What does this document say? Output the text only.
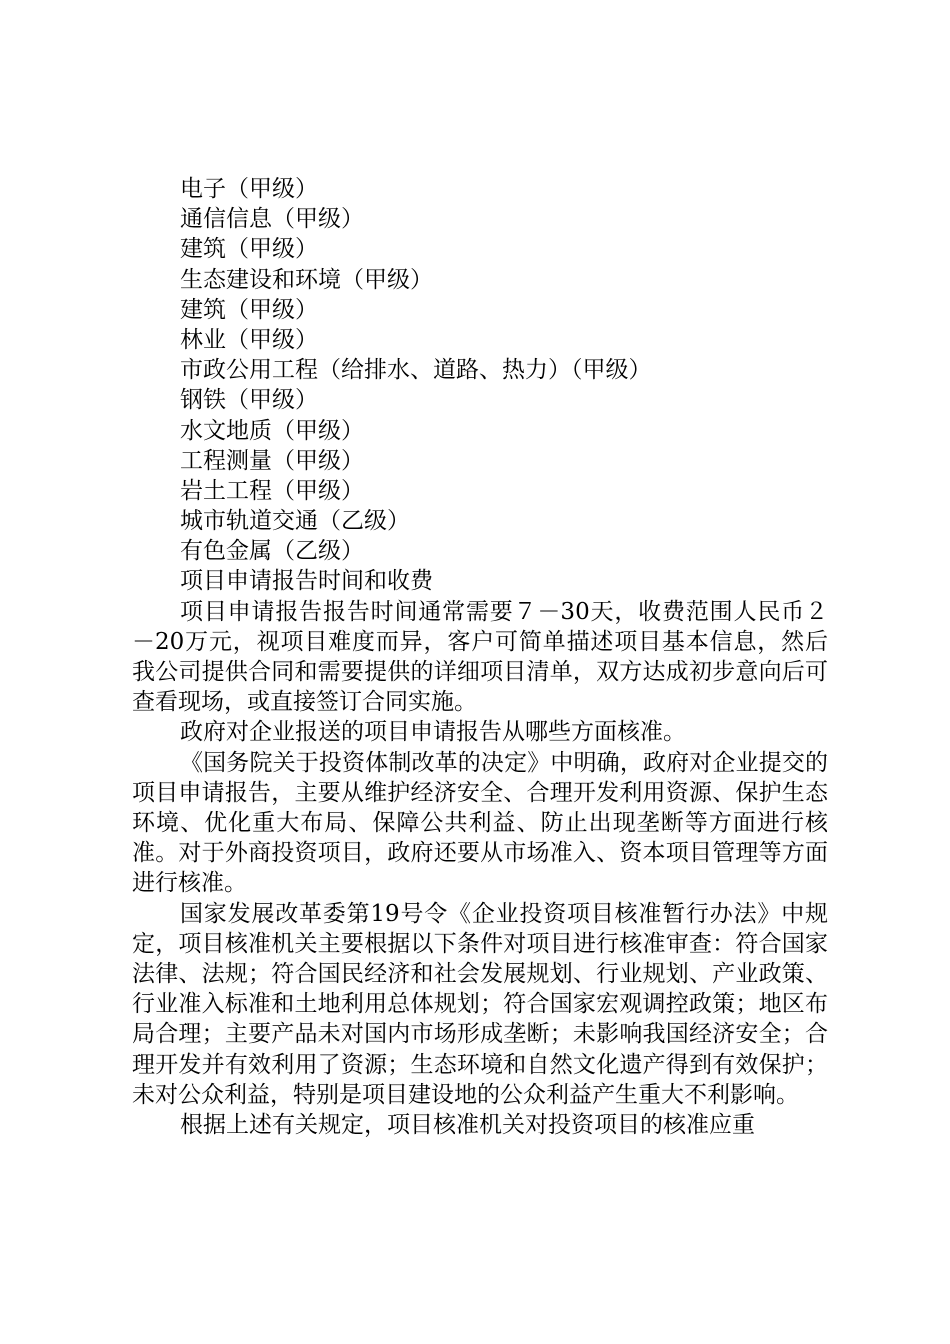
电子（甲级）
通信信息（甲级）
建筑（甲级）
生态建设和环境（甲级）
建筑（甲级）
林业（甲级）
市政公用工程（给排水、道路、热力）（甲级）
钢铁（甲级）
水文地质（甲级）
工程测量（甲级）
岩土工程（甲级）
城市轨道交通（乙级）
有色金属（乙级）
项目申请报告时间和收费

项目申请报告报告时间通常需要７－30天，收费范围人民币２－20万元，视项目难度而异，客户可简单描述项目基本信息，然后我公司提供合同和需要提供的详细项目清单，双方达成初步意向后可查看现场，或直接签订合同实施。

政府对企业报送的项目申请报告从哪些方面核准。

《国务院关于投资体制改革的决定》中明确，政府对企业提交的项目申请报告，主要从维护经济安全、合理开发利用资源、保护生态环境、优化重大布局、保障公共利益、防止出现垄断等方面进行核准。对于外商投资项目，政府还要从市场准入、资本项目管理等方面进行核准。

国家发展改革委第19号令《企业投资项目核准暂行办法》中规定，项目核准机关主要根据以下条件对项目进行核准审查：符合国家法律、法规；符合国民经济和社会发展规划、行业规划、产业政策、行业准入标准和土地利用总体规划；符合国家宏观调控政策；地区布局合理；主要产品未对国内市场形成垄断；未影响我国经济安全；合理开发并有效利用了资源；生态环境和自然文化遗产得到有效保护；未对公众利益，特别是项目建设地的公众利益产生重大不利影响。

根据上述有关规定，项目核准机关对投资项目的核准应重
